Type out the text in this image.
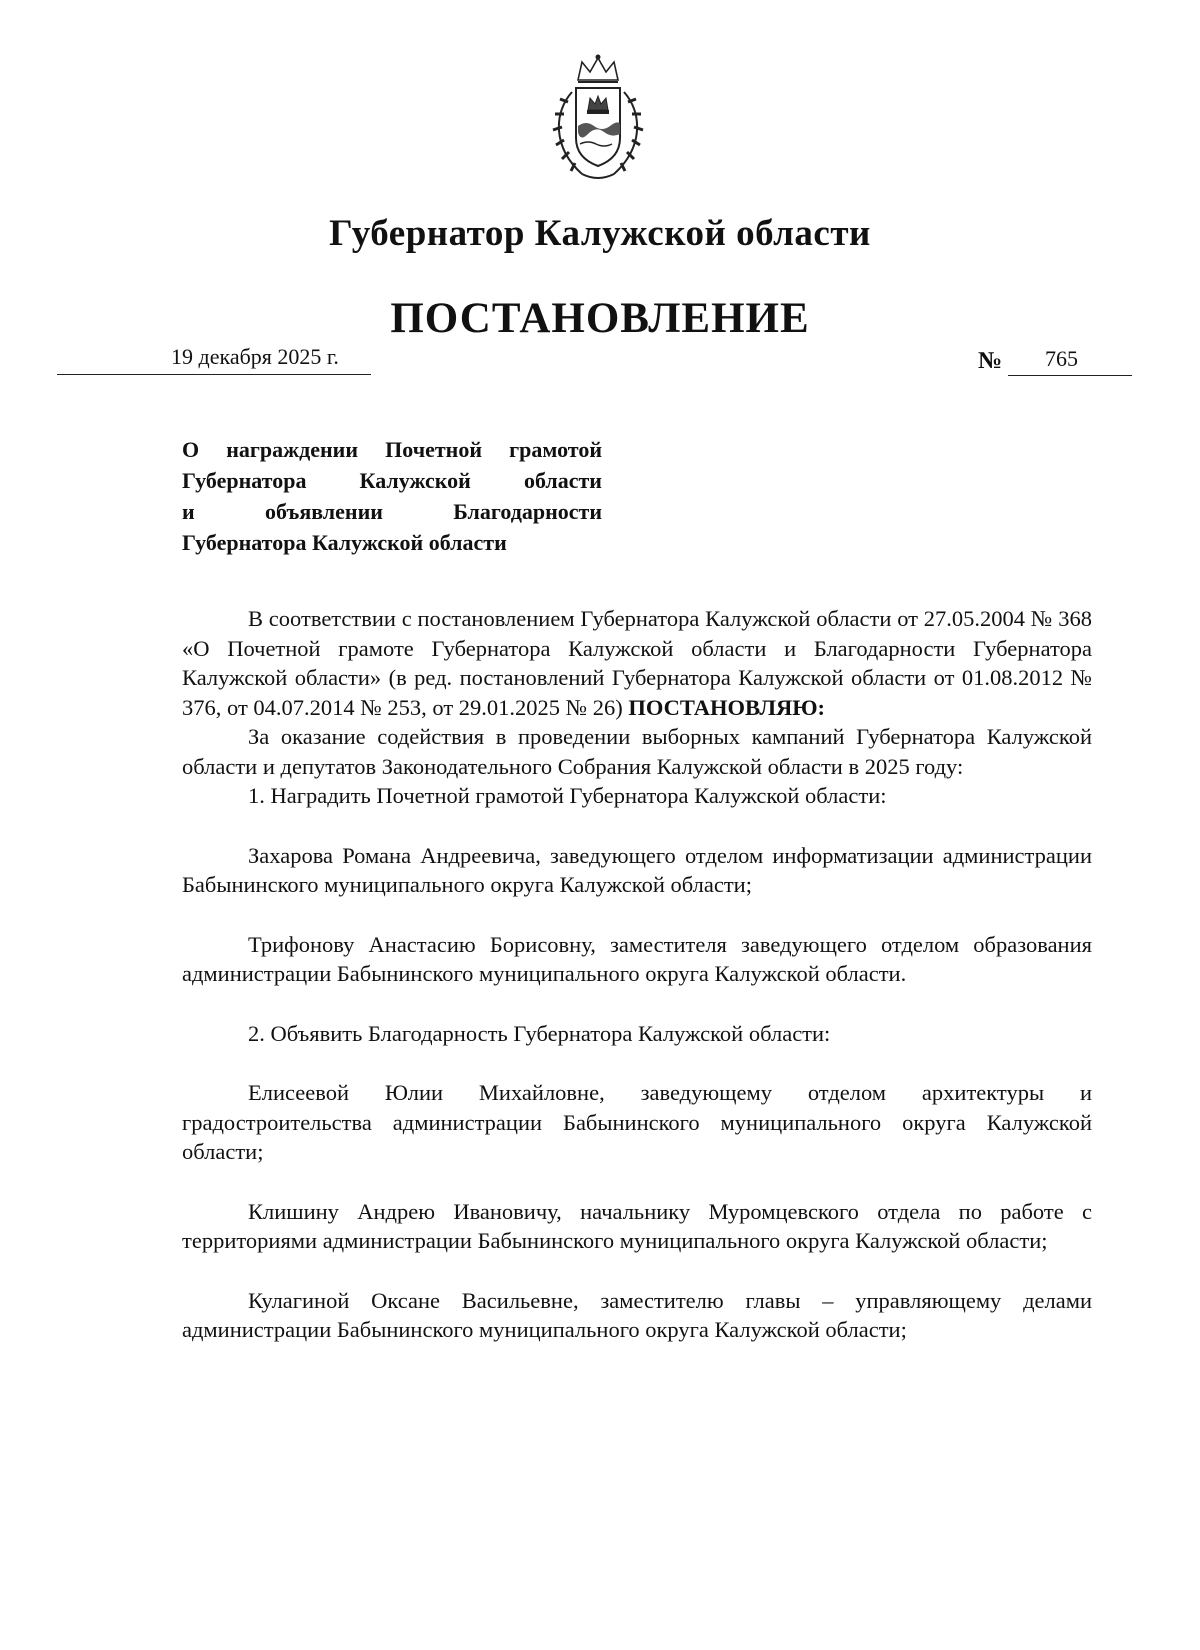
Губернатор Калужской области
ПОСТАНОВЛЕНИЕ
19 декабря 2025 г.	№ 765
О награждении Почетной грамотой
Губернатора Калужской области
и объявлении Благодарности
Губернатора Калужской области

В соответствии с постановлением Губернатора Калужской области от 27.05.2004 № 368 «О Почетной грамоте Губернатора Калужской области и Благодарности Губернатора Калужской области» (в ред. постановлений Губернатора Калужской области от 01.08.2012 № 376, от 04.07.2014 № 253, от 29.01.2025 № 26) ПОСТАНОВЛЯЮ:

За оказание содействия в проведении выборных кампаний Губернатора Калужской области и депутатов Законодательного Собрания Калужской области в 2025 году:

1. Наградить Почетной грамотой Губернатора Калужской области:

Захарова Романа Андреевича, заведующего отделом информатизации администрации Бабынинского муниципального округа Калужской области;

Трифонову Анастасию Борисовну, заместителя заведующего отделом образования администрации Бабынинского муниципального округа Калужской области.

2. Объявить Благодарность Губернатора Калужской области:

Елисеевой Юлии Михайловне, заведующему отделом архитектуры и градостроительства администрации Бабынинского муниципального округа Калужской области;

Клишину Андрею Ивановичу, начальнику Муромцевского отдела по работе с территориями администрации Бабынинского муниципального округа Калужской области;

Кулагиной Оксане Васильевне, заместителю главы – управляющему делами администрации Бабынинского муниципального округа Калужской области;
